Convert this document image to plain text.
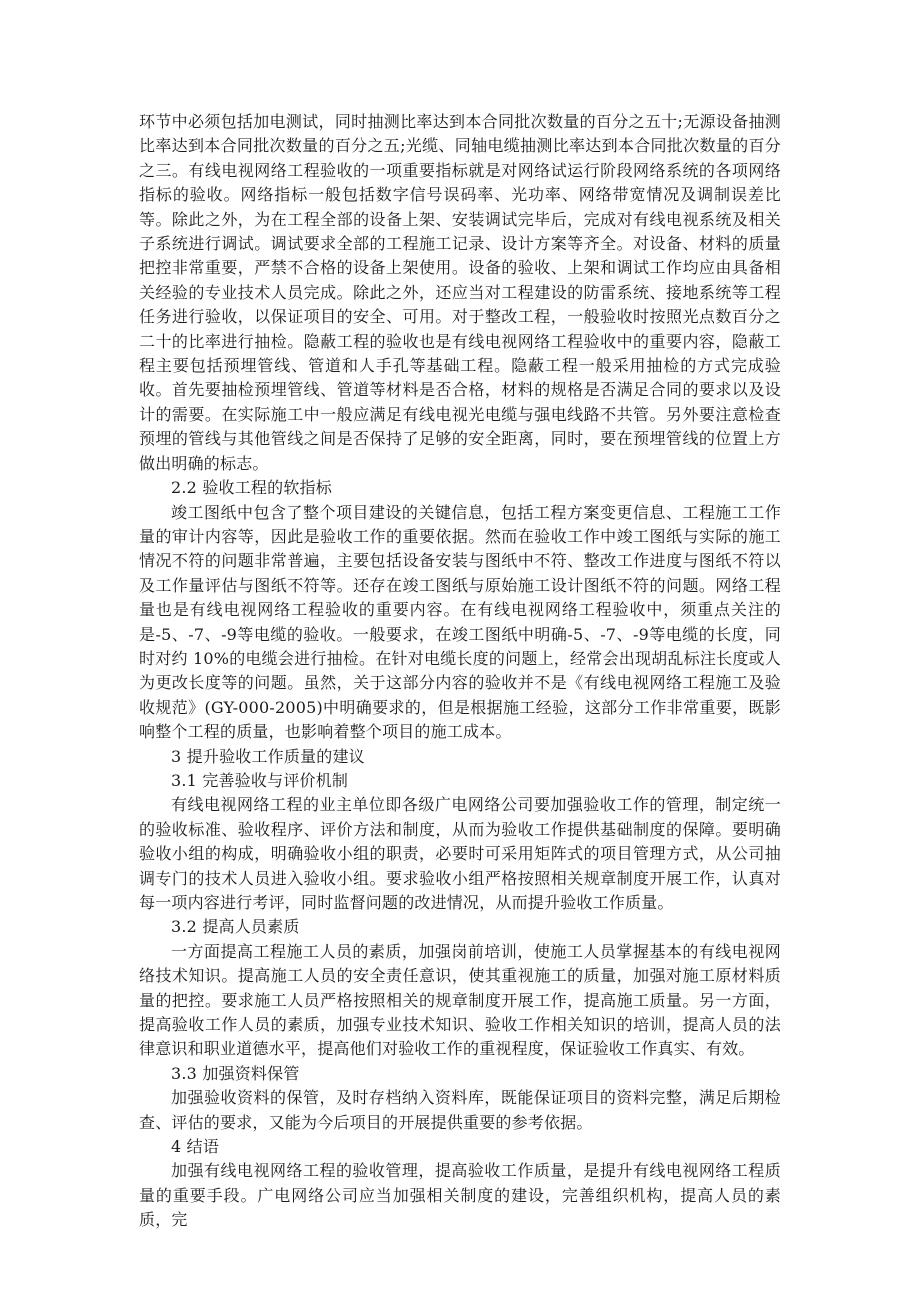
环节中必须包括加电测试，同时抽测比率达到本合同批次数量的百分之五十;无源设备抽测比率达到本合同批次数量的百分之五;光缆、同轴电缆抽测比率达到本合同批次数量的百分之三。有线电视网络工程验收的一项重要指标就是对网络试运行阶段网络系统的各项网络指标的验收。网络指标一般包括数字信号误码率、光功率、网络带宽情况及调制误差比等。除此之外，为在工程全部的设备上架、安装调试完毕后，完成对有线电视系统及相关子系统进行调试。调试要求全部的工程施工记录、设计方案等齐全。对设备、材料的质量把控非常重要，严禁不合格的设备上架使用。设备的验收、上架和调试工作均应由具备相关经验的专业技术人员完成。除此之外，还应当对工程建设的防雷系统、接地系统等工程任务进行验收，以保证项目的安全、可用。对于整改工程，一般验收时按照光点数百分之二十的比率进行抽检。隐蔽工程的验收也是有线电视网络工程验收中的重要内容，隐蔽工程主要包括预埋管线、管道和人手孔等基础工程。隐蔽工程一般采用抽检的方式完成验收。首先要抽检预埋管线、管道等材料是否合格，材料的规格是否满足合同的要求以及设计的需要。在实际施工中一般应满足有线电视光电缆与强电线路不共管。另外要注意检查预埋的管线与其他管线之间是否保持了足够的安全距离，同时，要在预埋管线的位置上方做出明确的标志。

2.2 验收工程的软指标

竣工图纸中包含了整个项目建设的关键信息，包括工程方案变更信息、工程施工工作量的审计内容等，因此是验收工作的重要依据。然而在验收工作中竣工图纸与实际的施工情况不符的问题非常普遍，主要包括设备安装与图纸中不符、整改工作进度与图纸不符以及工作量评估与图纸不符等。还存在竣工图纸与原始施工设计图纸不符的问题。网络工程量也是有线电视网络工程验收的重要内容。在有线电视网络工程验收中，须重点关注的是-5、-7、-9等电缆的验收。一般要求，在竣工图纸中明确-5、-7、-9等电缆的长度，同时对约 10%的电缆会进行抽检。在针对电缆长度的问题上，经常会出现胡乱标注长度或人为更改长度等的问题。虽然，关于这部分内容的验收并不是《有线电视网络工程施工及验收规范》(GY-000-2005)中明确要求的，但是根据施工经验，这部分工作非常重要，既影响整个工程的质量，也影响着整个项目的施工成本。

3 提升验收工作质量的建议

3.1 完善验收与评价机制

有线电视网络工程的业主单位即各级广电网络公司要加强验收工作的管理，制定统一的验收标准、验收程序、评价方法和制度，从而为验收工作提供基础制度的保障。要明确验收小组的构成，明确验收小组的职责，必要时可采用矩阵式的项目管理方式，从公司抽调专门的技术人员进入验收小组。要求验收小组严格按照相关规章制度开展工作，认真对每一项内容进行考评，同时监督问题的改进情况，从而提升验收工作质量。

3.2 提高人员素质

一方面提高工程施工人员的素质，加强岗前培训，使施工人员掌握基本的有线电视网络技术知识。提高施工人员的安全责任意识，使其重视施工的质量，加强对施工原材料质量的把控。要求施工人员严格按照相关的规章制度开展工作，提高施工质量。另一方面，提高验收工作人员的素质，加强专业技术知识、验收工作相关知识的培训，提高人员的法律意识和职业道德水平，提高他们对验收工作的重视程度，保证验收工作真实、有效。

3.3 加强资料保管

加强验收资料的保管，及时存档纳入资料库，既能保证项目的资料完整，满足后期检查、评估的要求，又能为今后项目的开展提供重要的参考依据。

4 结语

加强有线电视网络工程的验收管理，提高验收工作质量，是提升有线电视网络工程质量的重要手段。广电网络公司应当加强相关制度的建设，完善组织机构，提高人员的素质，完
